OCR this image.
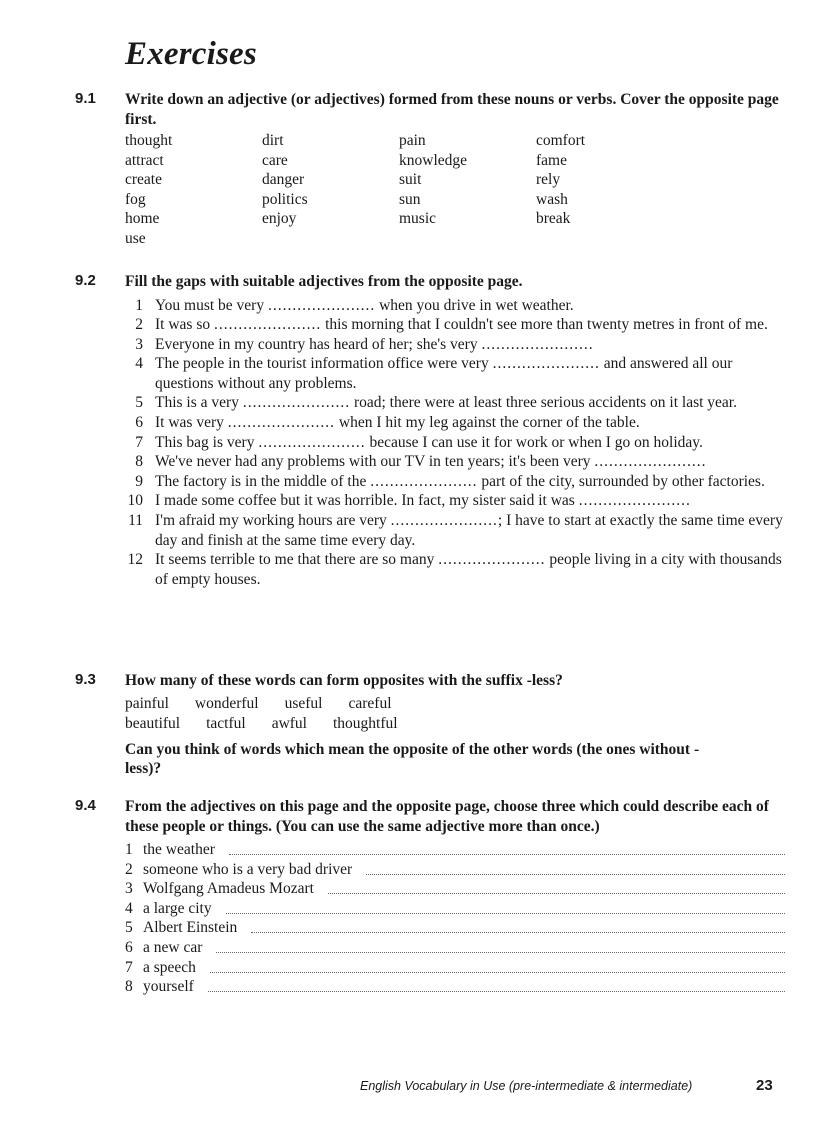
Exercises
9.1 Write down an adjective (or adjectives) formed from these nouns or verbs. Cover the opposite page first.
thought	dirt	pain	comfort
attract	care	knowledge	fame
create	danger	suit	rely
fog	politics	sun	wash
home	enjoy	music	break
use
9.2 Fill the gaps with suitable adjectives from the opposite page.
1 You must be very ...................... when you drive in wet weather.
2 It was so ...................... this morning that I couldn't see more than twenty metres in front of me.
3 Everyone in my country has heard of her; she's very .......................
4 The people in the tourist information office were very ...................... and answered all our questions without any problems.
5 This is a very ...................... road; there were at least three serious accidents on it last year.
6 It was very ...................... when I hit my leg against the corner of the table.
7 This bag is very ...................... because I can use it for work or when I go on holiday.
8 We've never had any problems with our TV in ten years; it's been very .......................
9 The factory is in the middle of the ...................... part of the city, surrounded by other factories.
10 I made some coffee but it was horrible. In fact, my sister said it was .......................
11 I'm afraid my working hours are very ......................; I have to start at exactly the same time every day and finish at the same time every day.
12 It seems terrible to me that there are so many ...................... people living in a city with thousands of empty houses.
9.3 How many of these words can form opposites with the suffix -less?
painful wonderful useful careful
beautiful tactful awful thoughtful
Can you think of words which mean the opposite of the other words (the ones without -less)?
9.4 From the adjectives on this page and the opposite page, choose three which could describe each of these people or things. (You can use the same adjective more than once.)
1 the weather
2 someone who is a very bad driver
3 Wolfgang Amadeus Mozart
4 a large city
5 Albert Einstein
6 a new car
7 a speech
8 yourself
English Vocabulary in Use (pre-intermediate & intermediate)	23
